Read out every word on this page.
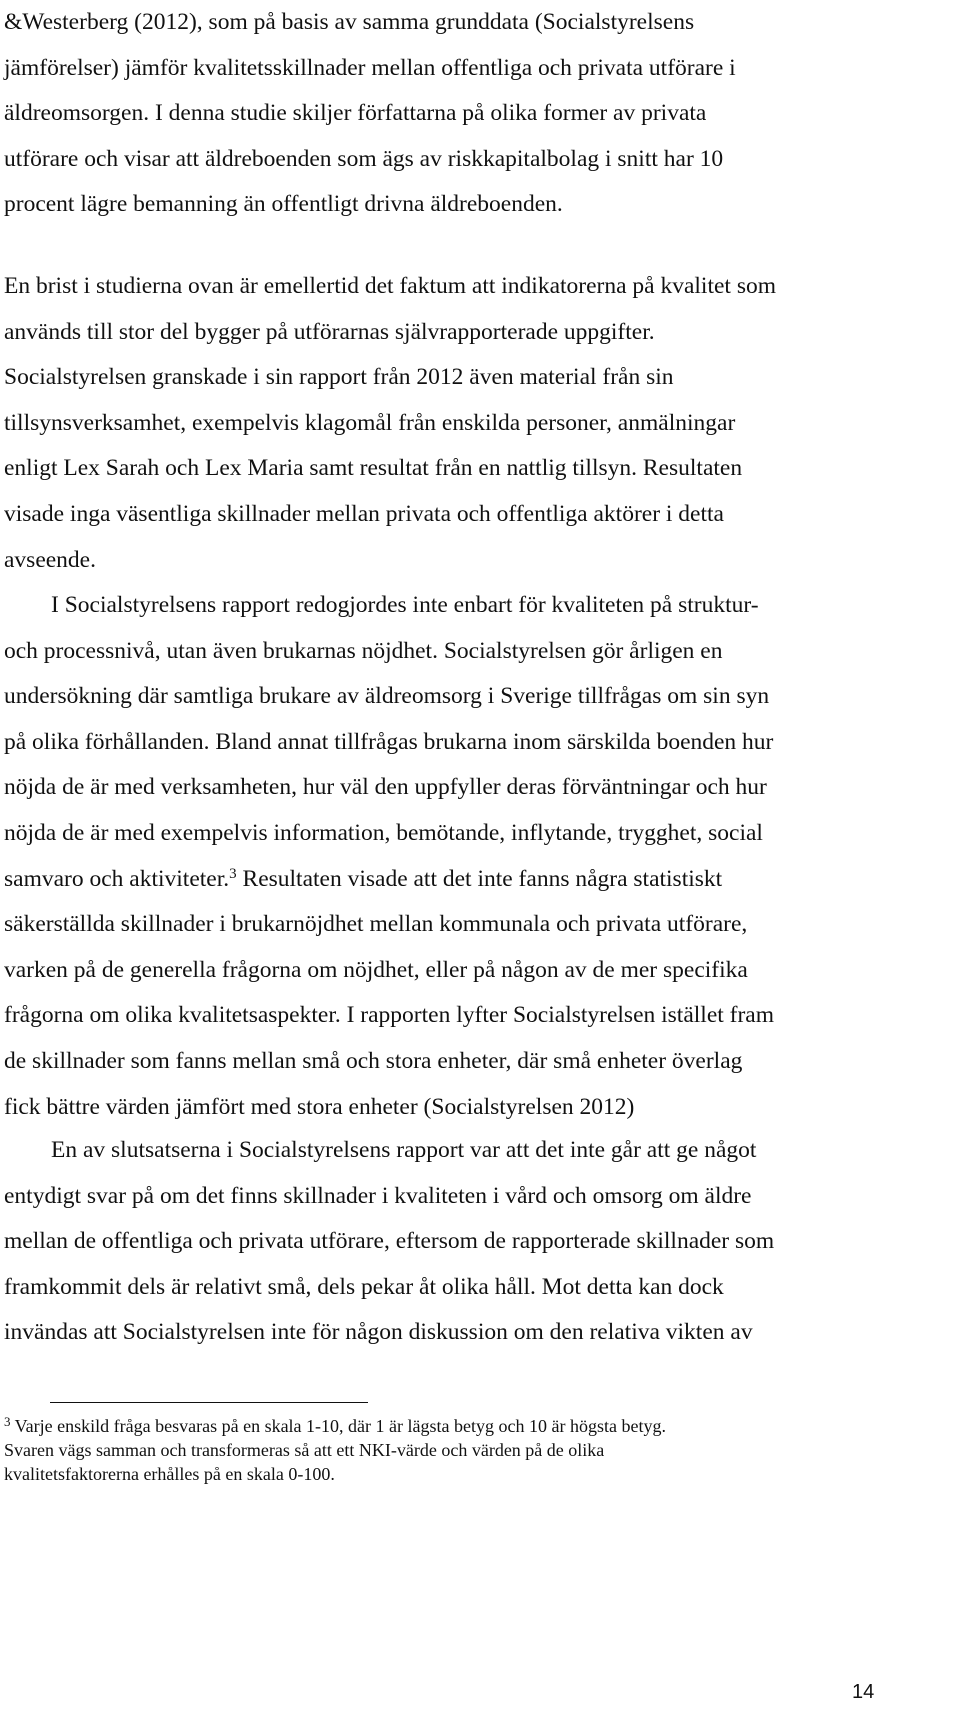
&Westerberg (2012), som på basis av samma grunddata (Socialstyrelsens
jämförelser) jämför kvalitetsskillnader mellan offentliga och privata utförare i
äldreomsorgen. I denna studie skiljer författarna på olika former av privata
utförare och visar att äldreboenden som ägs av riskkapitalbolag i snitt har 10
procent lägre bemanning än offentligt drivna äldreboenden.
En brist i studierna ovan är emellertid det faktum att indikatorerna på kvalitet som
används till stor del bygger på utförarnas självrapporterade uppgifter.
Socialstyrelsen granskade i sin rapport från 2012 även material från sin
tillsynsverksamhet, exempelvis klagomål från enskilda personer, anmälningar
enligt Lex Sarah och Lex Maria samt resultat från en nattlig tillsyn. Resultaten
visade inga väsentliga skillnader mellan privata och offentliga aktörer i detta
avseende.
I Socialstyrelsens rapport redogjordes inte enbart för kvaliteten på struktur-
och processnivå, utan även brukarnas nöjdhet. Socialstyrelsen gör årligen en
undersökning där samtliga brukare av äldreomsorg i Sverige tillfrågas om sin syn
på olika förhållanden. Bland annat tillfrågas brukarna inom särskilda boenden hur
nöjda de är med verksamheten, hur väl den uppfyller deras förväntningar och hur
nöjda de är med exempelvis information, bemötande, inflytande, trygghet, social
samvaro och aktiviteter.$^3$ Resultaten visade att det inte fanns några statistiskt
säkerställda skillnader i brukarnöjdhet mellan kommunala och privata utförare,
varken på de generella frågorna om nöjdhet, eller på någon av de mer specifika
frågorna om olika kvalitetsaspekter. I rapporten lyfter Socialstyrelsen istället fram
de skillnader som fanns mellan små och stora enheter, där små enheter överlag
fick bättre värden jämfört med stora enheter (Socialstyrelsen 2012)
En av slutsatserna i Socialstyrelsens rapport var att det inte går att ge något
entydigt svar på om det finns skillnader i kvaliteten i vård och omsorg om äldre
mellan de offentliga och privata utförare, eftersom de rapporterade skillnader som
framkommit dels är relativt små, dels pekar åt olika håll. Mot detta kan dock
invändas att Socialstyrelsen inte för någon diskussion om den relativa vikten av
$^3$ Varje enskild fråga besvaras på en skala 1-10, där 1 är lägsta betyg och 10 är högsta betyg.
Svaren vägs samman och transformeras så att ett NKI-värde och värden på de olika
kvalitetsfaktorerna erhålles på en skala 0-100.
14
